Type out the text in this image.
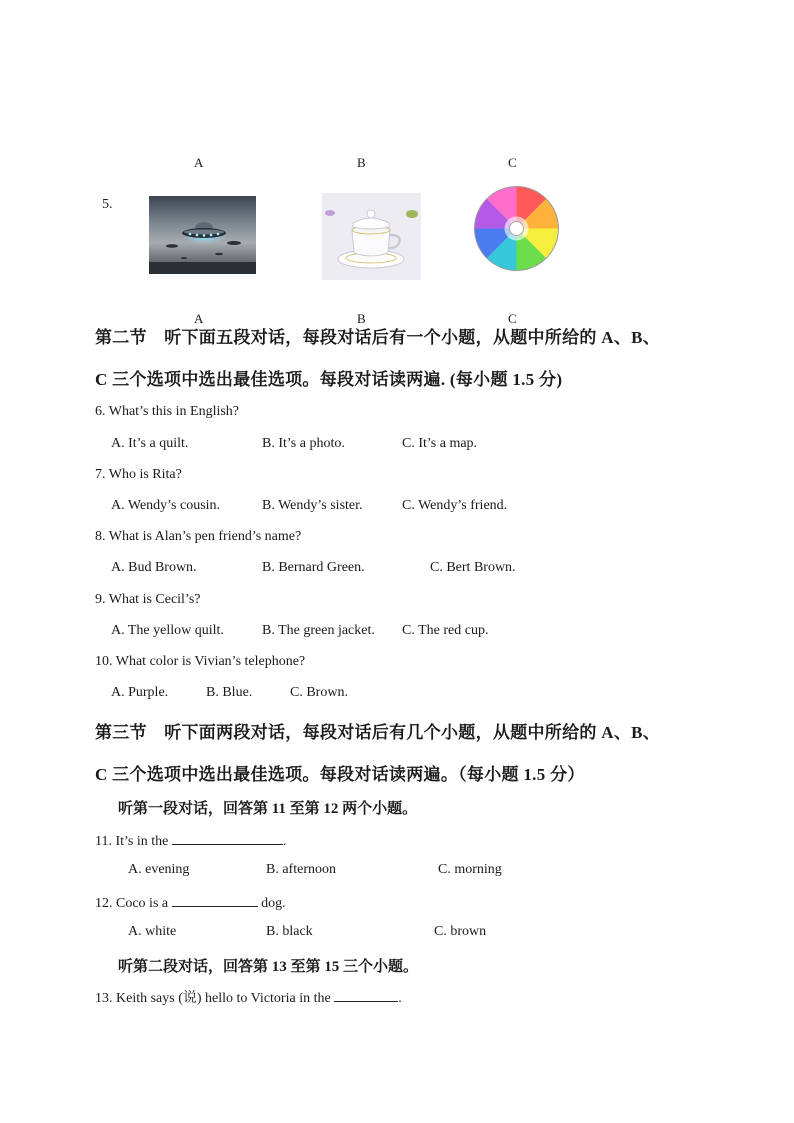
A	B	C
5.
A	B	C
第二节　听下面五段对话，每段对话后有一个小题，从题中所给的 A、B、
C 三个选项中选出最佳选项。每段对话读两遍. (每小题 1.5 分)
6. What’s this in English?
A. It’s a quilt.	B. It’s a photo.	C. It’s a map.
7. Who is Rita?
A. Wendy’s cousin.	B. Wendy’s sister.	C. Wendy’s friend.
8. What is Alan’s pen friend’s name?
A. Bud Brown.	B. Bernard Green.	C. Bert Brown.
9. What is Cecil’s?
A. The yellow quilt.	B. The green jacket. C. The red cup.
10. What color is Vivian’s telephone?
A. Purple.	B. Blue.	C. Brown.
第三节　听下面两段对话，每段对话后有几个小题，从题中所给的 A、B、
C 三个选项中选出最佳选项。每段对话读两遍。（每小题 1.5 分）
听第一段对话，回答第 11 至第 12 两个小题。
11. It’s in the	.
A. evening	B. afternoon	C. morning
12. Coco is a	dog.
A. white	B. black	C. brown
听第二段对话，回答第 13 至第 15 三个小题。
13. Keith says (说) hello to Victoria in the	.
